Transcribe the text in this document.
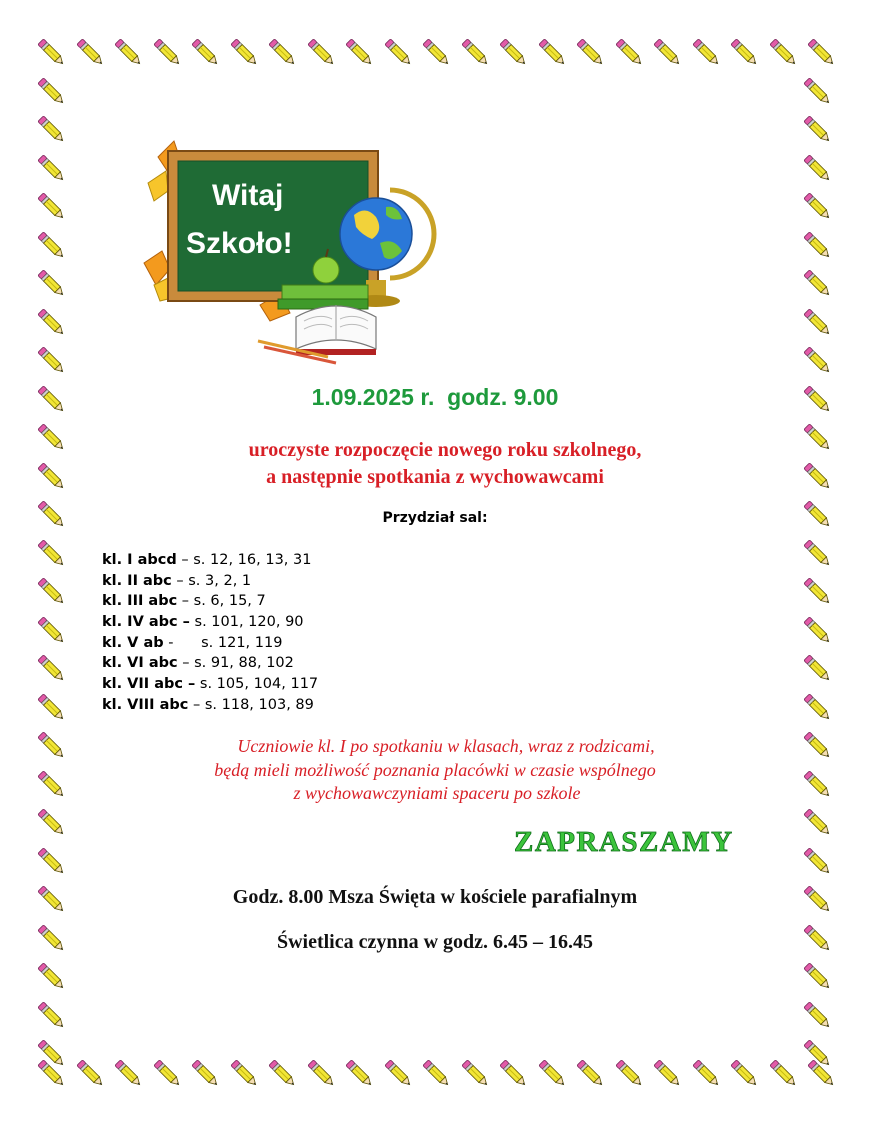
Witaj
Szkoło!
1.09.2025 r.  godz. 9.00
uroczyste rozpoczęcie nowego roku szkolnego,
a następnie spotkania z wychowawcami
Przydział sal:
kl. I abcd – s. 12, 16, 13, 31
kl. II abc – s. 3, 2, 1
kl. III abc – s. 6, 15, 7
kl. IV abc – s. 101, 120, 90
kl. V ab -      s. 121, 119
kl. VI abc – s. 91, 88, 102
kl. VII abc – s. 105, 104, 117
kl. VIII abc – s. 118, 103, 89
Uczniowie kl. I po spotkaniu w klasach, wraz z rodzicami,
będą mieli możliwość poznania placówki w czasie wspólnego
z wychowawczyniami spaceru po szkole
ZAPRASZAMY
Godz. 8.00 Msza Święta w kościele parafialnym
Świetlica czynna w godz. 6.45 – 16.45
